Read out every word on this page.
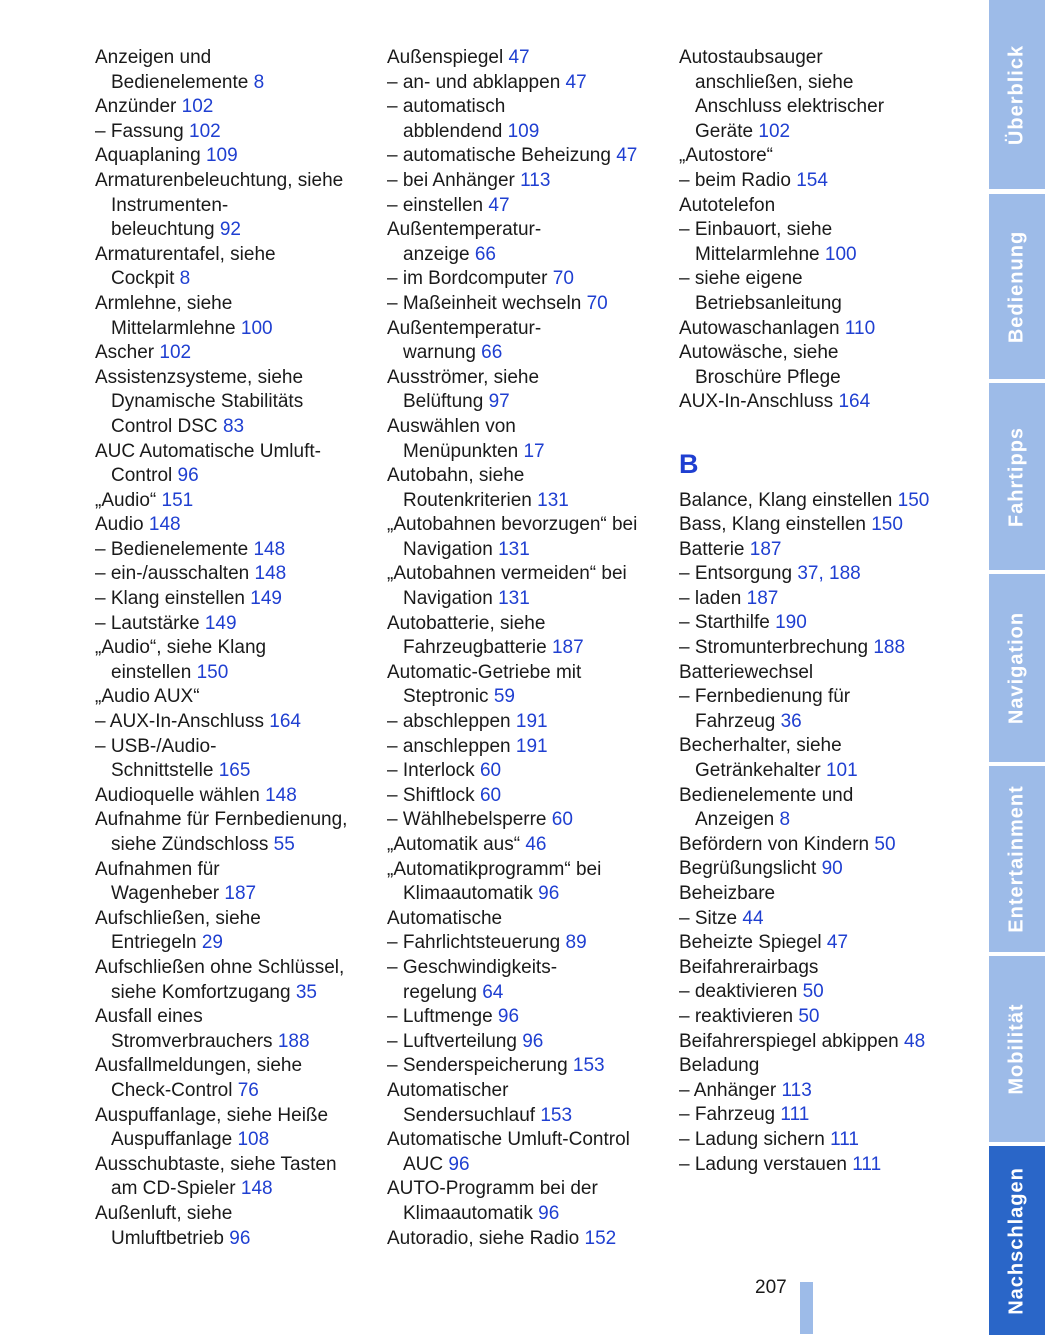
Anzeigen und
Bedienelemente 8
Anzünder 102
– Fassung 102
Aquaplaning 109
Armaturenbeleuchtung, siehe
Instrumenten-
beleuchtung 92
Armaturentafel, siehe
Cockpit 8
Armlehne, siehe
Mittelarmlehne 100
Ascher 102
Assistenzsysteme, siehe
Dynamische Stabilitäts
Control DSC 83
AUC Automatische Umluft-
Control 96
„Audio“ 151
Audio 148
– Bedienelemente 148
– ein-/ausschalten 148
– Klang einstellen 149
– Lautstärke 149
„Audio“, siehe Klang
einstellen 150
„Audio AUX“
– AUX-In-Anschluss 164
– USB-/Audio-
Schnittstelle 165
Audioquelle wählen 148
Aufnahme für Fernbedienung,
siehe Zündschloss 55
Aufnahmen für
Wagenheber 187
Aufschließen, siehe
Entriegeln 29
Aufschließen ohne Schlüssel,
siehe Komfortzugang 35
Ausfall eines
Stromverbrauchers 188
Ausfallmeldungen, siehe
Check-Control 76
Auspuffanlage, siehe Heiße
Auspuffanlage 108
Ausschubtaste, siehe Tasten
am CD-Spieler 148
Außenluft, siehe
Umluftbetrieb 96
Außenspiegel 47
– an- und abklappen 47
– automatisch
abblendend 109
– automatische Beheizung 47
– bei Anhänger 113
– einstellen 47
Außentemperatur-
anzeige 66
– im Bordcomputer 70
– Maßeinheit wechseln 70
Außentemperatur-
warnung 66
Ausströmer, siehe
Belüftung 97
Auswählen von
Menüpunkten 17
Autobahn, siehe
Routenkriterien 131
„Autobahnen bevorzugen“ bei
Navigation 131
„Autobahnen vermeiden“ bei
Navigation 131
Autobatterie, siehe
Fahrzeugbatterie 187
Automatic-Getriebe mit
Steptronic 59
– abschleppen 191
– anschleppen 191
– Interlock 60
– Shiftlock 60
– Wählhebelsperre 60
„Automatik aus“ 46
„Automatikprogramm“ bei
Klimaautomatik 96
Automatische
– Fahrlichtsteuerung 89
– Geschwindigkeits-
regelung 64
– Luftmenge 96
– Luftverteilung 96
– Senderspeicherung 153
Automatischer
Sendersuchlauf 153
Automatische Umluft-Control
AUC 96
AUTO-Programm bei der
Klimaautomatik 96
Autoradio, siehe Radio 152
Autostaubsauger
anschließen, siehe
Anschluss elektrischer
Geräte 102
„Autostore“
– beim Radio 154
Autotelefon
– Einbauort, siehe
Mittelarmlehne 100
– siehe eigene
Betriebsanleitung
Autowaschanlagen 110
Autowäsche, siehe
Broschüre Pflege
AUX-In-Anschluss 164
B
Balance, Klang einstellen 150
Bass, Klang einstellen 150
Batterie 187
– Entsorgung 37, 188
– laden 187
– Starthilfe 190
– Stromunterbrechung 188
Batteriewechsel
– Fernbedienung für
Fahrzeug 36
Becherhalter, siehe
Getränkehalter 101
Bedienelemente und
Anzeigen 8
Befördern von Kindern 50
Begrüßungslicht 90
Beheizbare
– Sitze 44
Beheizte Spiegel 47
Beifahrerairbags
– deaktivieren 50
– reaktivieren 50
Beifahrerspiegel abkippen 48
Beladung
– Anhänger 113
– Fahrzeug 111
– Ladung sichern 111
– Ladung verstauen 111
207
Überblick
Bedienung
Fahrtipps
Navigation
Entertainment
Mobilität
Nachschlagen
